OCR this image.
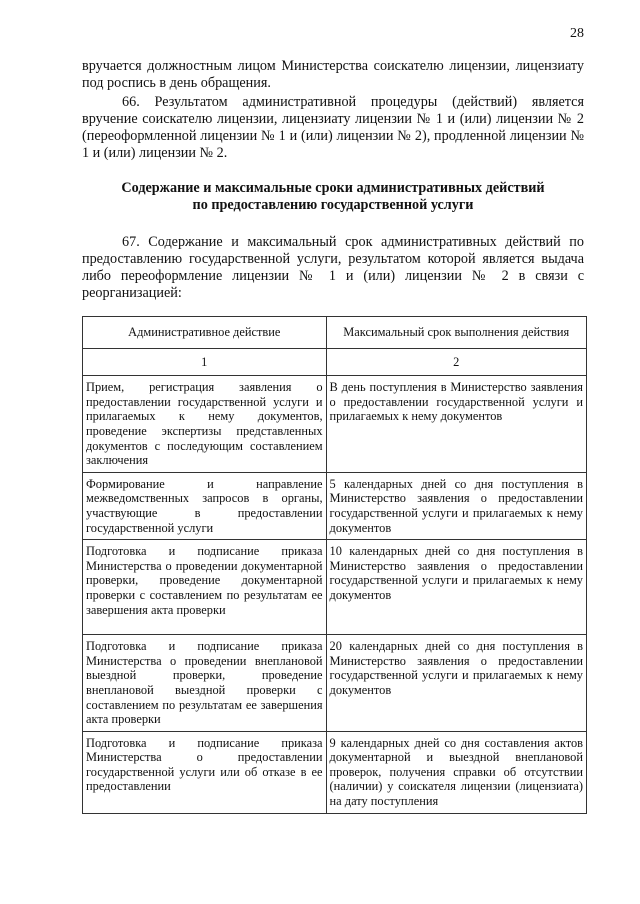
28

вручается должностным лицом Министерства соискателю лицензии, лицензиату под роспись в день обращения.

66. Результатом административной процедуры (действий) является вручение соискателю лицензии, лицензиату лицензии № 1 и (или) лицензии № 2 (переоформленной лицензии № 1 и (или) лицензии № 2), продленной лицензии № 1 и (или) лицензии № 2.

Содержание и максимальные сроки административных действий
по предоставлению государственной услуги

67. Содержание и максимальный срок административных действий по предоставлению государственной услуги, результатом которой является выдача либо переоформление лицензии № 1 и (или) лицензии № 2 в связи с реорганизацией:

Административное действие	Максимальный срок выполнения действия
1	2
Прием, регистрация заявления о предоставлении государственной услуги и прилагаемых к нему документов, проведение экспертизы представленных документов с последующим составлением заключения	В день поступления в Министерство заявления о предоставлении государственной услуги и прилагаемых к нему документов
Формирование и направление межведомственных запросов в органы, участвующие в предоставлении государственной услуги	5 календарных дней со дня поступления в Министерство заявления о предоставлении государственной услуги и прилагаемых к нему документов
Подготовка и подписание приказа Министерства о проведении документарной проверки, проведение документарной проверки с составлением по результатам ее завершения акта проверки	10 календарных дней со дня поступления в Министерство заявления о предоставлении государственной услуги и прилагаемых к нему документов
Подготовка и подписание приказа Министерства о проведении внеплановой выездной проверки, проведение внеплановой выездной проверки с составлением по результатам ее завершения акта проверки	20 календарных дней со дня поступления в Министерство заявления о предоставлении государственной услуги и прилагаемых к нему документов
Подготовка и подписание приказа Министерства о предоставлении государственной услуги или об отказе в ее предоставлении	9 календарных дней со дня составления актов документарной и выездной внеплановой проверок, получения справки об отсутствии (наличии) у соискателя лицензии (лицензиата) на дату поступления
